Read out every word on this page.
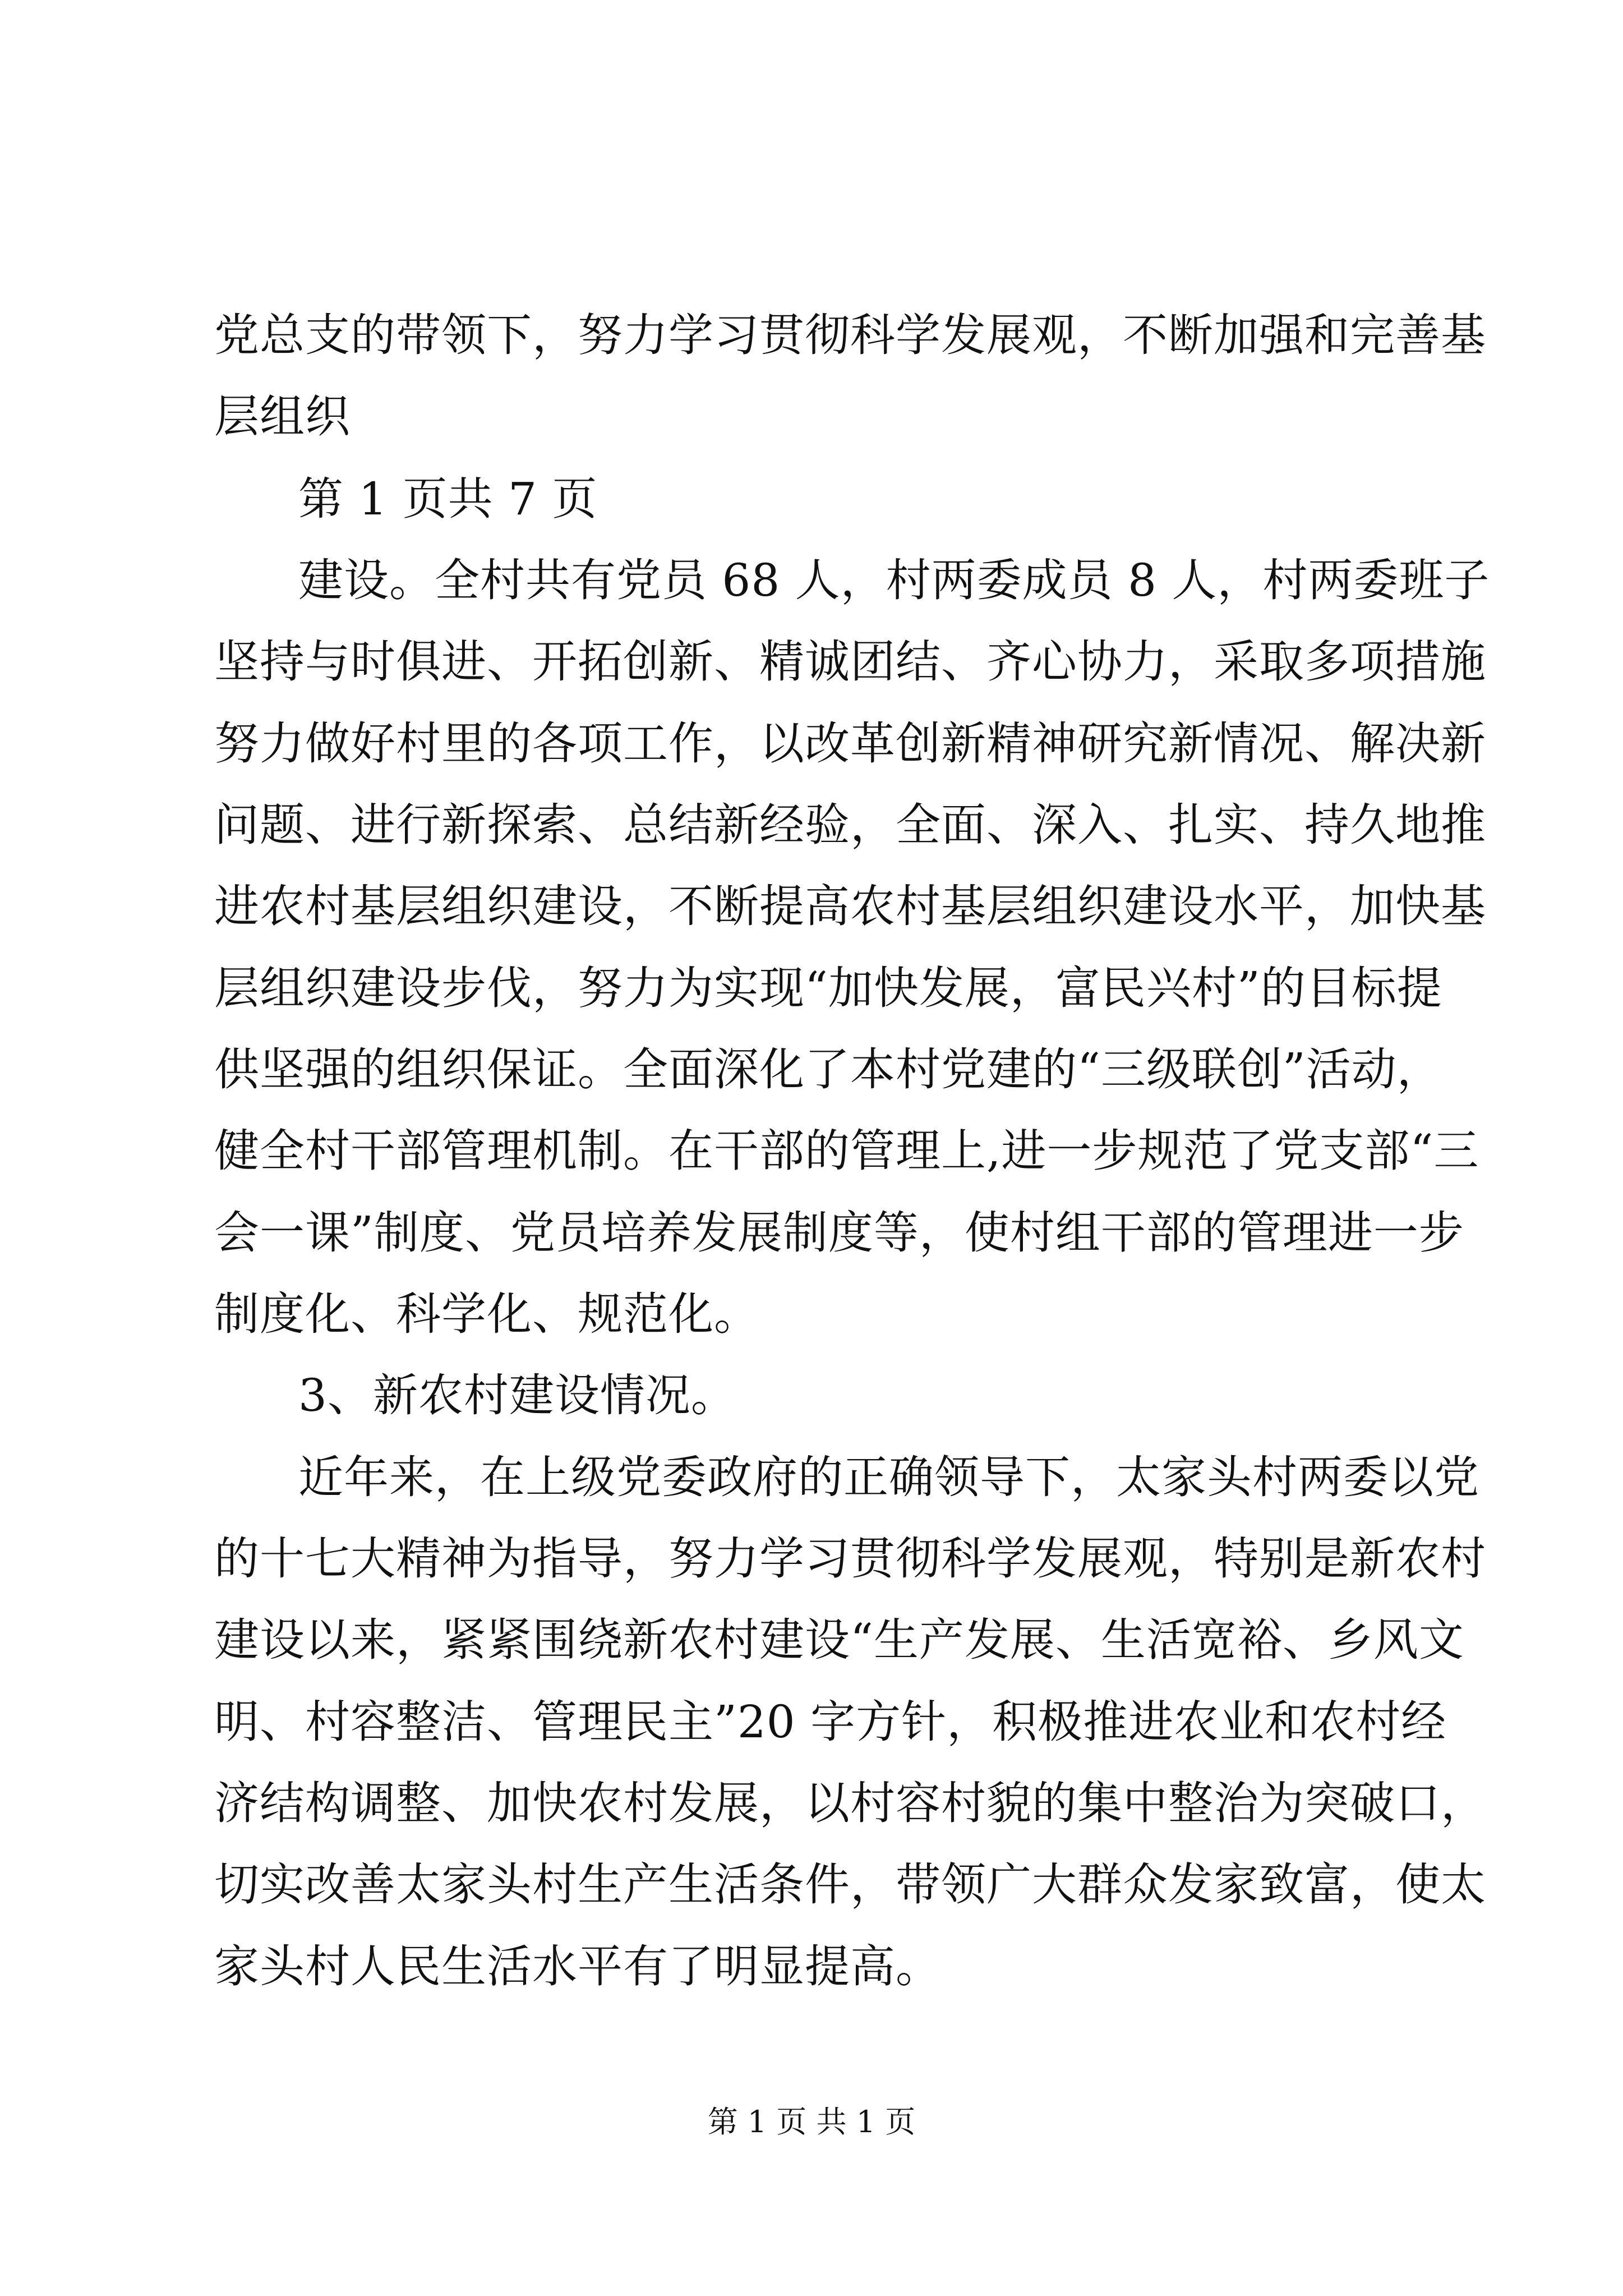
党总支的带领下，努力学习贯彻科学发展观，不断加强和完善基
层组织
第 1 页共 7 页
建设。全村共有党员 68 人，村两委成员 8 人，村两委班子
坚持与时俱进、开拓创新、精诚团结、齐心协力，采取多项措施
努力做好村里的各项工作，以改革创新精神研究新情况、解决新
问题、进行新探索、总结新经验，全面、深入、扎实、持久地推
进农村基层组织建设，不断提高农村基层组织建设水平，加快基
层组织建设步伐，努力为实现“加快发展，富民兴村”的目标提
供坚强的组织保证。全面深化了本村党建的“三级联创”活动，
健全村干部管理机制。在干部的管理上,进一步规范了党支部“三
会一课”制度、党员培养发展制度等，使村组干部的管理进一步
制度化、科学化、规范化。
3、新农村建设情况。
近年来，在上级党委政府的正确领导下，太家头村两委以党
的十七大精神为指导，努力学习贯彻科学发展观，特别是新农村
建设以来，紧紧围绕新农村建设“生产发展、生活宽裕、乡风文
明、村容整洁、管理民主”20 字方针，积极推进农业和农村经
济结构调整、加快农村发展，以村容村貌的集中整治为突破口，
切实改善太家头村生产生活条件，带领广大群众发家致富，使太
家头村人民生活水平有了明显提高。
第 1 页 共 1 页
